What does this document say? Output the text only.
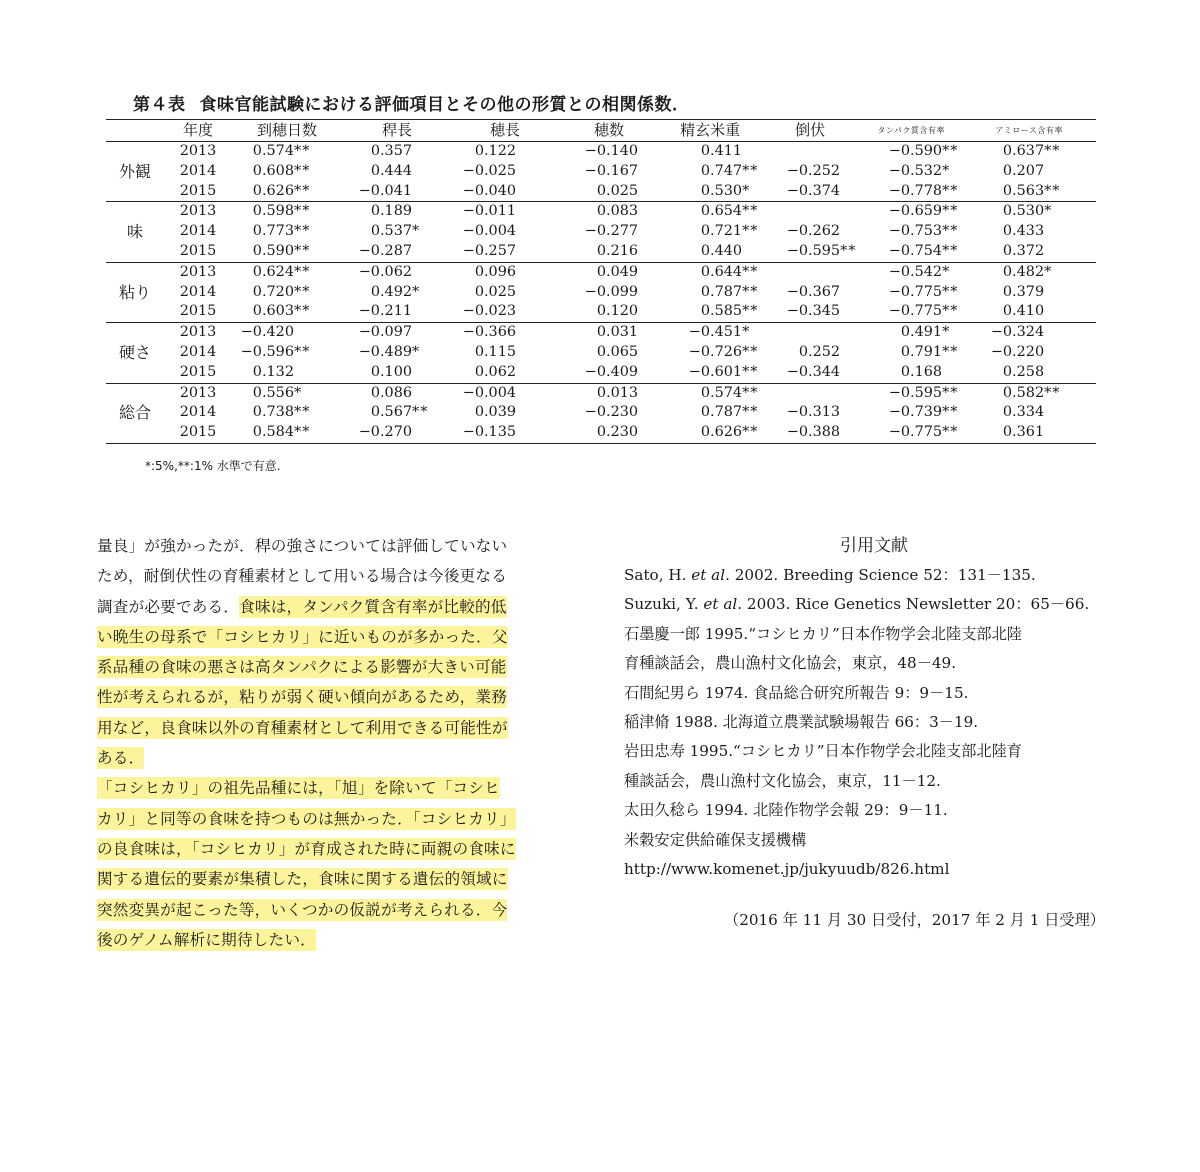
第４表 食味官能試験における評価項目とその他の形質との相関係数．
	年度	到穂日数		稈長		穂長		穂数		精玄米重		倒伏		タンパク質含有率		アミロース含有率	
外観	2013	0.574	**	0.357		0.122		−0.140		0.411				−0.590	**	0.637	**
	2014	0.608	**	0.444		−0.025		−0.167		0.747	**	−0.252		−0.532	*	0.207	
	2015	0.626	**	−0.041		−0.040		0.025		0.530	*	−0.374		−0.778	**	0.563	**
味	2013	0.598	**	0.189		−0.011		0.083		0.654	**			−0.659	**	0.530	*
	2014	0.773	**	0.537	*	−0.004		−0.277		0.721	**	−0.262		−0.753	**	0.433	
	2015	0.590	**	−0.287		−0.257		0.216		0.440		−0.595	**	−0.754	**	0.372	
粘り	2013	0.624	**	−0.062		0.096		0.049		0.644	**			−0.542	*	0.482	*
	2014	0.720	**	0.492	*	0.025		−0.099		0.787	**	−0.367		−0.775	**	0.379	
	2015	0.603	**	−0.211		−0.023		0.120		0.585	**	−0.345		−0.775	**	0.410	
硬さ	2013	−0.420		−0.097		−0.366		0.031		−0.451	*			0.491	*	−0.324	
	2014	−0.596	**	−0.489	*	0.115		0.065		−0.726	**	0.252		0.791	**	−0.220	
	2015	0.132		0.100		0.062		−0.409		−0.601	**	−0.344		0.168		0.258	
総合	2013	0.556	*	0.086		−0.004		0.013		0.574	**			−0.595	**	0.582	**
	2014	0.738	**	0.567	**	0.039		−0.230		0.787	**	−0.313		−0.739	**	0.334	
	2015	0.584	**	−0.270		−0.135		0.230		0.626	**	−0.388		−0.775	**	0.361	
*:5%,**:1% 水準で有意.
量良」が強かったが．稈の強さについては評価していない
ため，耐倒伏性の育種素材として用いる場合は今後更なる
調査が必要である．食味は，タンパク質含有率が比較的低
い晩生の母系で「コシヒカリ」に近いものが多かった．父
系品種の食味の悪さは高タンパクによる影響が大きい可能
性が考えられるが，粘りが弱く硬い傾向があるため，業務
用など，良食味以外の育種素材として利用できる可能性が
ある．
「コシヒカリ」の祖先品種には，「旭」を除いて「コシヒ
カリ」と同等の食味を持つものは無かった．「コシヒカリ」
の良食味は，「コシヒカリ」が育成された時に両親の食味に
関する遺伝的要素が集積した，食味に関する遺伝的領域に
突然変異が起こった等，いくつかの仮説が考えられる．今
後のゲノム解析に期待したい．
引用文献
Sato, H. et al. 2002. Breeding Science 52：131－135.
Suzuki, Y. et al. 2003. Rice Genetics Newsletter 20：65－66.
石墨慶一郎 1995.“コシヒカリ”日本作物学会北陸支部北陸
育種談話会，農山漁村文化協会，東京，48－49.
石間紀男ら 1974. 食品総合研究所報告 9：9－15.
稲津脩 1988. 北海道立農業試験場報告 66：3－19.
岩田忠寿 1995.“コシヒカリ”日本作物学会北陸支部北陸育
種談話会，農山漁村文化協会，東京，11－12.
太田久稔ら 1994. 北陸作物学会報 29：9－11.
米穀安定供給確保支援機構
http://www.komenet.jp/jukyuudb/826.html
（2016 年 11 月 30 日受付，2017 年 2 月 1 日受理）
